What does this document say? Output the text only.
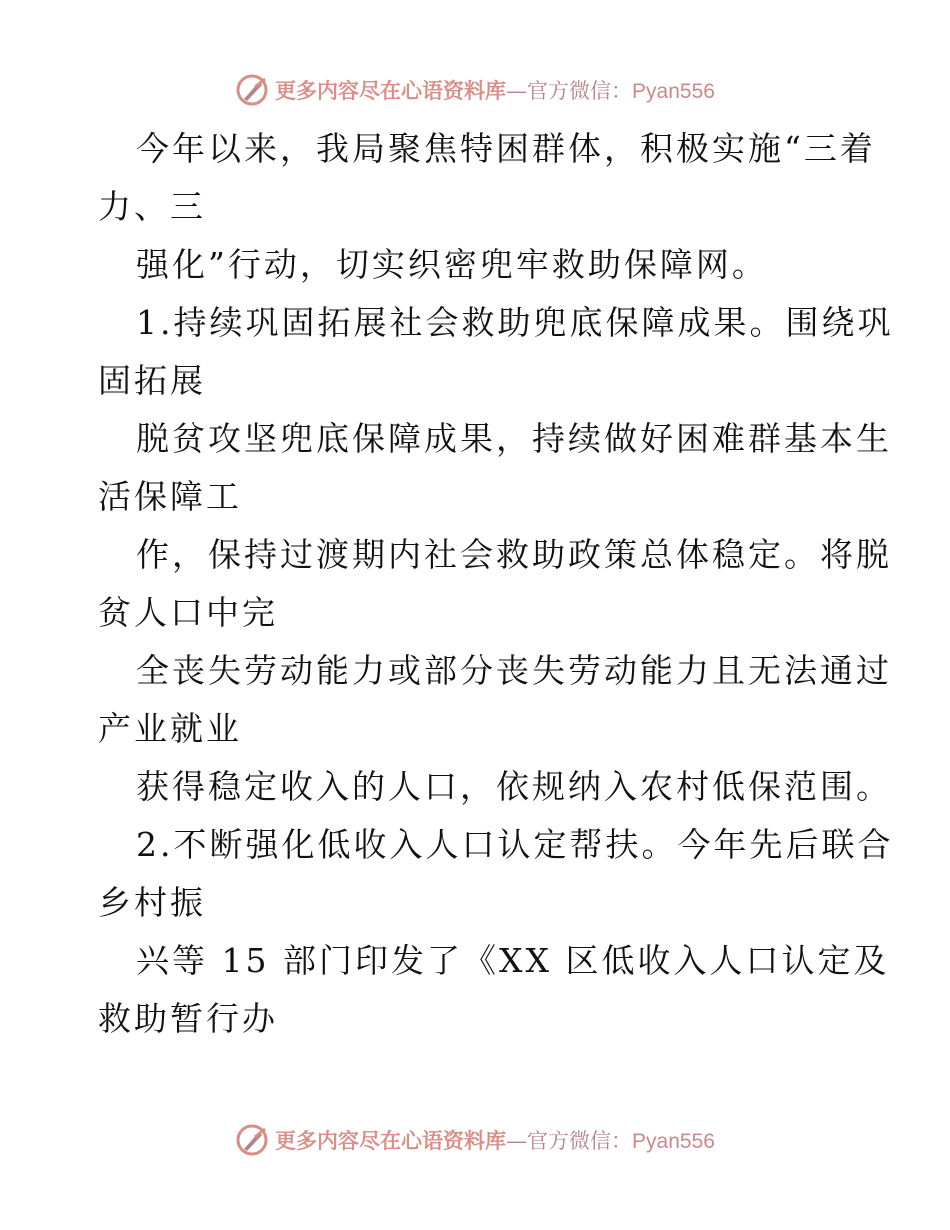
更多内容尽在心语资料库—官方微信：Pyan556
今年以来，我局聚焦特困群体，积极实施“三着
力、三
强化”行动，切实织密兜牢救助保障网。
1.持续巩固拓展社会救助兜底保障成果。围绕巩
固拓展
脱贫攻坚兜底保障成果，持续做好困难群基本生
活保障工
作，保持过渡期内社会救助政策总体稳定。将脱
贫人口中完
全丧失劳动能力或部分丧失劳动能力且无法通过
产业就业
获得稳定收入的人口，依规纳入农村低保范围。
2.不断强化低收入人口认定帮扶。今年先后联合
乡村振
兴等 15 部门印发了《XX 区低收入人口认定及
救助暂行办
更多内容尽在心语资料库—官方微信：Pyan556
